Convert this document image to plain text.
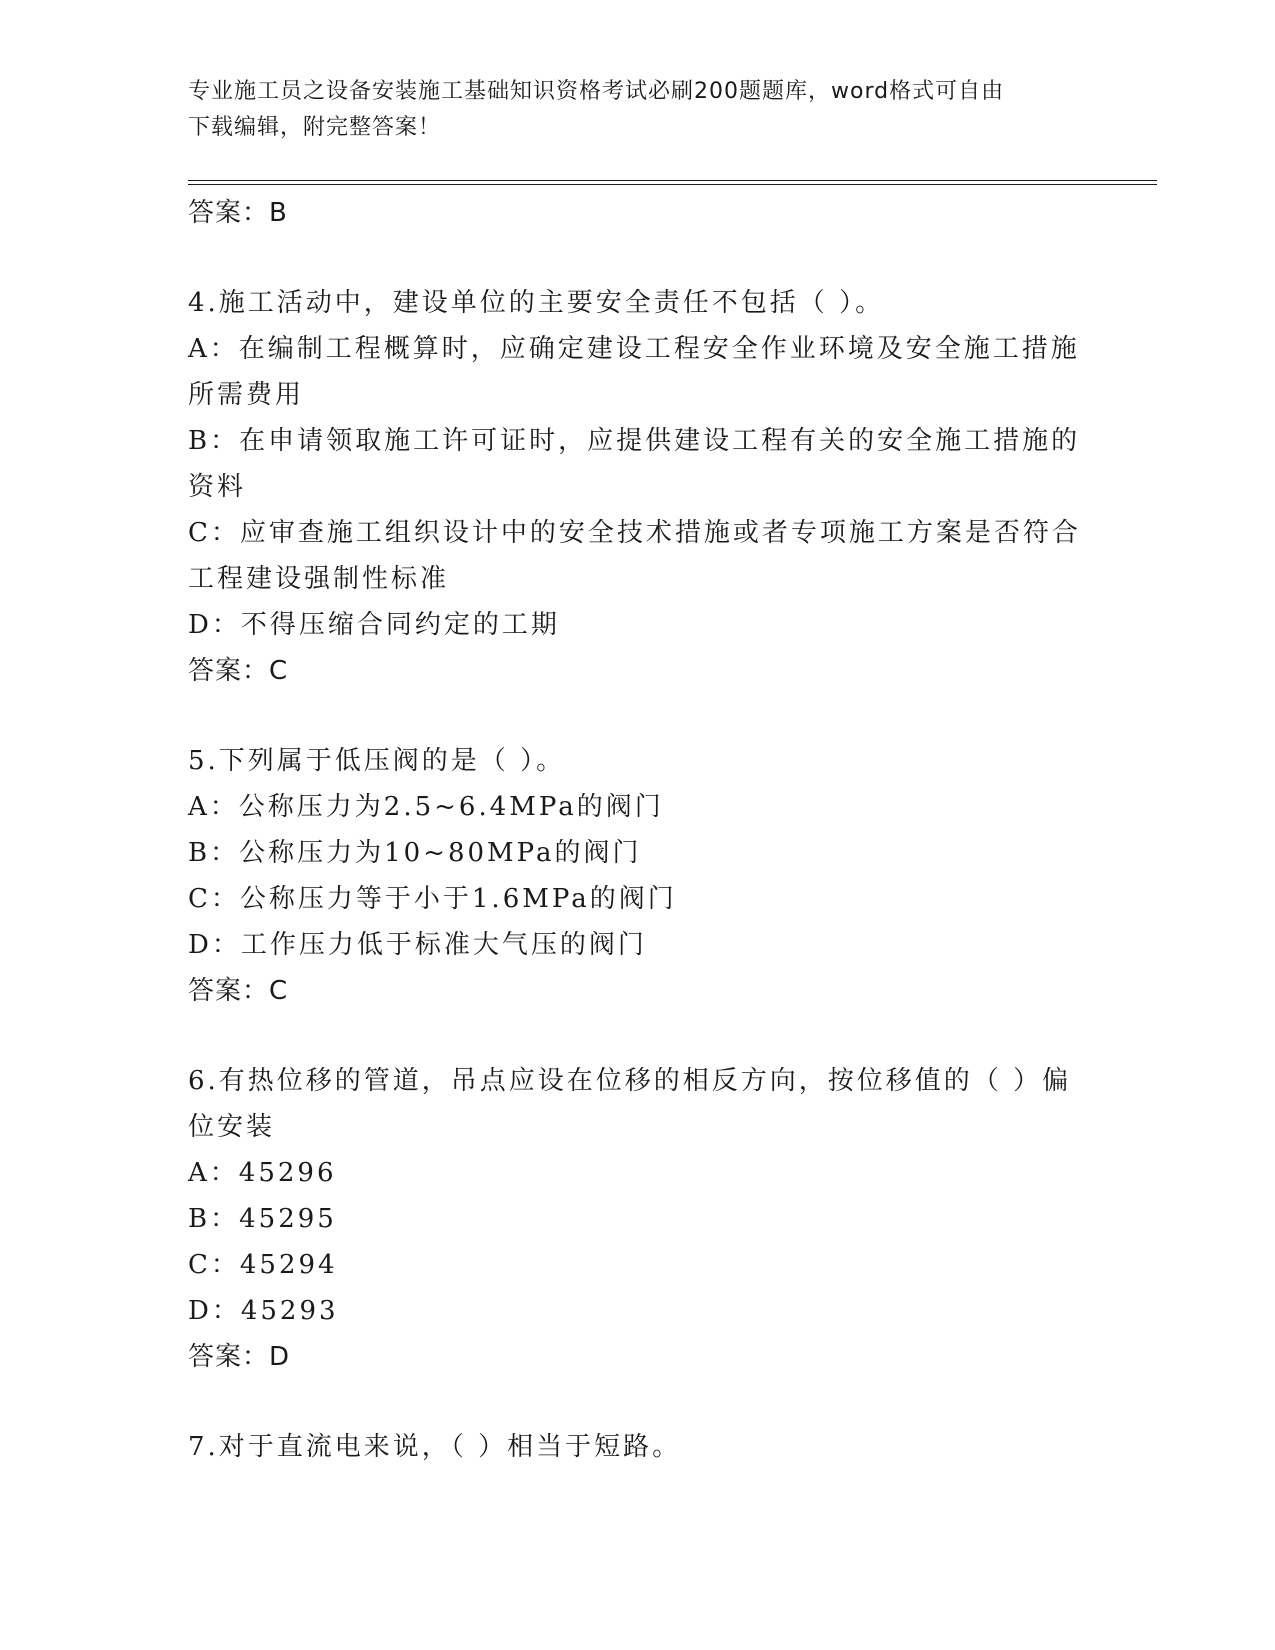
专业施工员之设备安装施工基础知识资格考试必刷200题题库，word格式可自由
下载编辑，附完整答案！
答案：B
4.施工活动中，建设单位的主要安全责任不包括（ ）。
A：在编制工程概算时，应确定建设工程安全作业环境及安全施工措施
所需费用
B：在申请领取施工许可证时，应提供建设工程有关的安全施工措施的
资料
C：应审查施工组织设计中的安全技术措施或者专项施工方案是否符合
工程建设强制性标准
D：不得压缩合同约定的工期
答案：C
5.下列属于低压阀的是（ ）。
A：公称压力为2.5~6.4MPa的阀门
B：公称压力为10~80MPa的阀门
C：公称压力等于小于1.6MPa的阀门
D：工作压力低于标准大气压的阀门
答案：C
6.有热位移的管道，吊点应设在位移的相反方向，按位移值的（ ）偏
位安装
A：45296
B：45295
C：45294
D：45293
答案：D
7.对于直流电来说，（ ）相当于短路。
